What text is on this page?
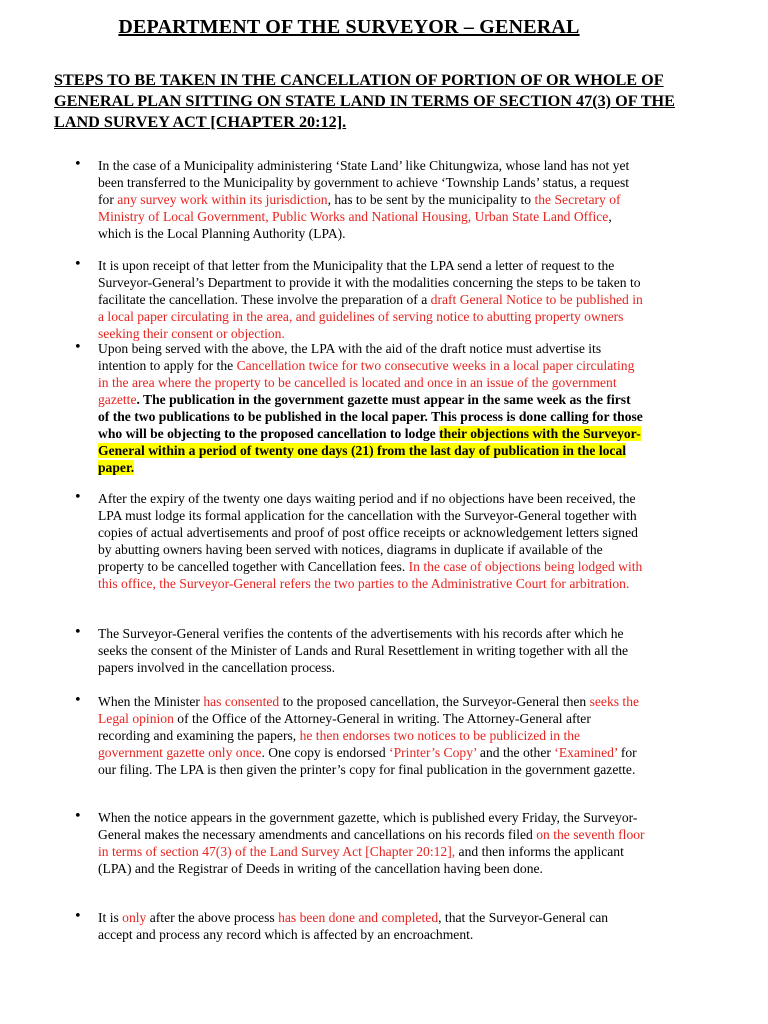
DEPARTMENT OF THE SURVEYOR – GENERAL

STEPS TO BE TAKEN IN THE CANCELLATION OF PORTION OF OR WHOLE OF GENERAL PLAN SITTING ON STATE LAND IN TERMS OF SECTION 47(3) OF THE LAND SURVEY ACT [CHAPTER 20:12].

• In the case of a Municipality administering ‘State Land’ like Chitungwiza, whose land has not yet been transferred to the Municipality by government to achieve ‘Township Lands’ status, a request for any survey work within its jurisdiction, has to be sent by the municipality to the Secretary of Ministry of Local Government, Public Works and National Housing, Urban State Land Office, which is the Local Planning Authority (LPA).
• It is upon receipt of that letter from the Municipality that the LPA send a letter of request to the Surveyor-General’s Department to provide it with the modalities concerning the steps to be taken to facilitate the cancellation. These involve the preparation of a draft General Notice to be published in a local paper circulating in the area, and guidelines of serving notice to abutting property owners seeking their consent or objection.
• Upon being served with the above, the LPA with the aid of the draft notice must advertise its intention to apply for the Cancellation twice for two consecutive weeks in a local paper circulating in the area where the property to be cancelled is located and once in an issue of the government gazette. The publication in the government gazette must appear in the same week as the first of the two publications to be published in the local paper. This process is done calling for those who will be objecting to the proposed cancellation to lodge their objections with the Surveyor-General within a period of twenty one days (21) from the last day of publication in the local paper.
• After the expiry of the twenty one days waiting period and if no objections have been received, the LPA must lodge its formal application for the cancellation with the Surveyor-General together with copies of actual advertisements and proof of post office receipts or acknowledgement letters signed by abutting owners having been served with notices, diagrams in duplicate if available of the property to be cancelled together with Cancellation fees. In the case of objections being lodged with this office, the Surveyor-General refers the two parties to the Administrative Court for arbitration.
• The Surveyor-General verifies the contents of the advertisements with his records after which he seeks the consent of the Minister of Lands and Rural Resettlement in writing together with all the papers involved in the cancellation process.
• When the Minister has consented to the proposed cancellation, the Surveyor-General then seeks the Legal opinion of the Office of the Attorney-General in writing. The Attorney-General after recording and examining the papers, he then endorses two notices to be publicized in the government gazette only once. One copy is endorsed ‘Printer’s Copy’ and the other ‘Examined’ for our filing. The LPA is then given the printer’s copy for final publication in the government gazette.
• When the notice appears in the government gazette, which is published every Friday, the Surveyor-General makes the necessary amendments and cancellations on his records filed on the seventh floor in terms of section 47(3) of the Land Survey Act [Chapter 20:12], and then informs the applicant (LPA) and the Registrar of Deeds in writing of the cancellation having been done.
• It is only after the above process has been done and completed, that the Surveyor-General can accept and process any record which is affected by an encroachment.
